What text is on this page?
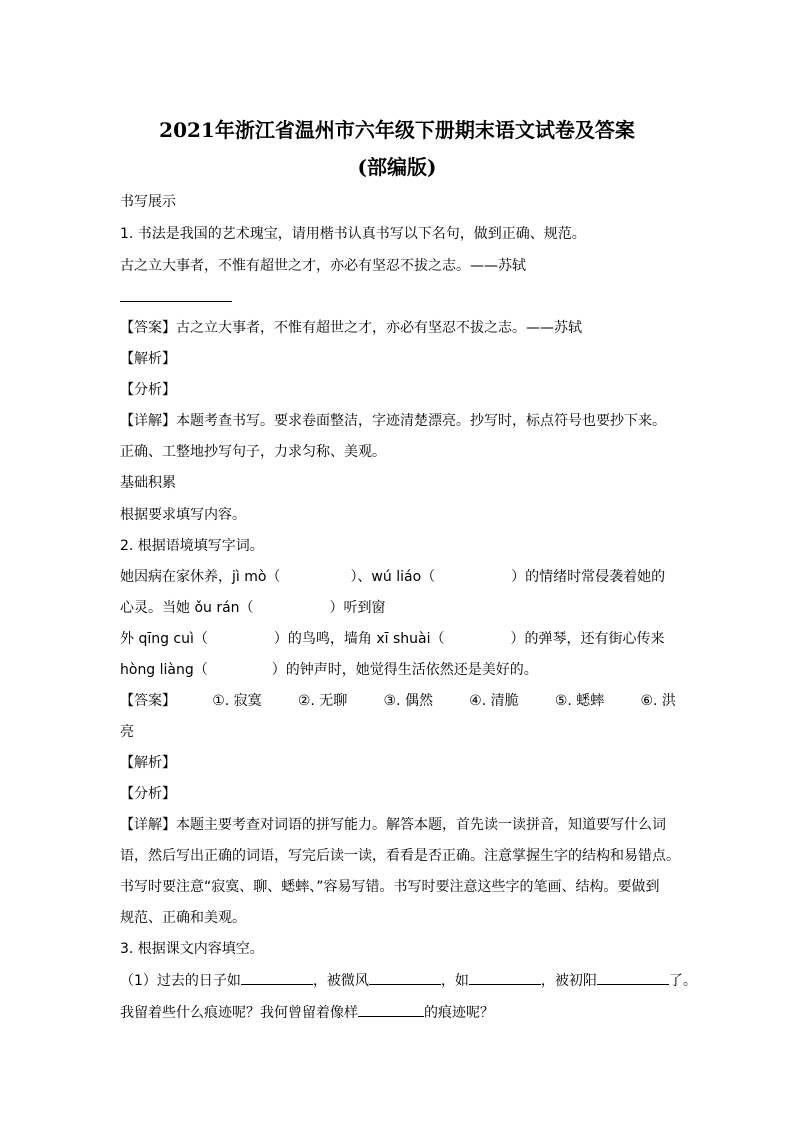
2021年浙江省温州市六年级下册期末语文试卷及答案
(部编版)
书写展示
1. 书法是我国的艺术瑰宝，请用楷书认真书写以下名句，做到正确、规范。
古之立大事者，不惟有超世之才，亦必有坚忍不拔之志。——苏轼
【答案】古之立大事者，不惟有超世之才，亦必有坚忍不拔之志。——苏轼
【解析】
【分析】
【详解】本题考查书写。要求卷面整洁，字迹清楚漂亮。抄写时，标点符号也要抄下来。
正确、工整地抄写句子，力求匀称、美观。
基础积累
根据要求填写内容。
2. 根据语境填写字词。
她因病在家休养，jì mò（	）、wú liáo（	）的情绪时常侵袭着她的
心灵。当她 ǒu rán（	）听到窗
外 qīng cuì（	）的鸟鸣，墙角 xī shuài（	）的弹琴，还有街心传来
hòng liàng（	）的钟声时，她觉得生活依然还是美好的。
【答案】	①. 寂寞	②. 无聊	③. 偶然	④. 清脆	⑤. 蟋蟀	⑥. 洪
亮
【解析】
【分析】
【详解】本题主要考查对词语的拼写能力。解答本题，首先读一读拼音，知道要写什么词
语，然后写出正确的词语，写完后读一读，看看是否正确。注意掌握生字的结构和易错点。
书写时要注意“寂寞、聊、蟋蟀、”容易写错。书写时要注意这些字的笔画、结构。要做到
规范、正确和美观。
3. 根据课文内容填空。
（1）过去的日子如	，被微风	，如	，被初阳	了。
我留着些什么痕迹呢？我何曾留着像样	的痕迹呢？
